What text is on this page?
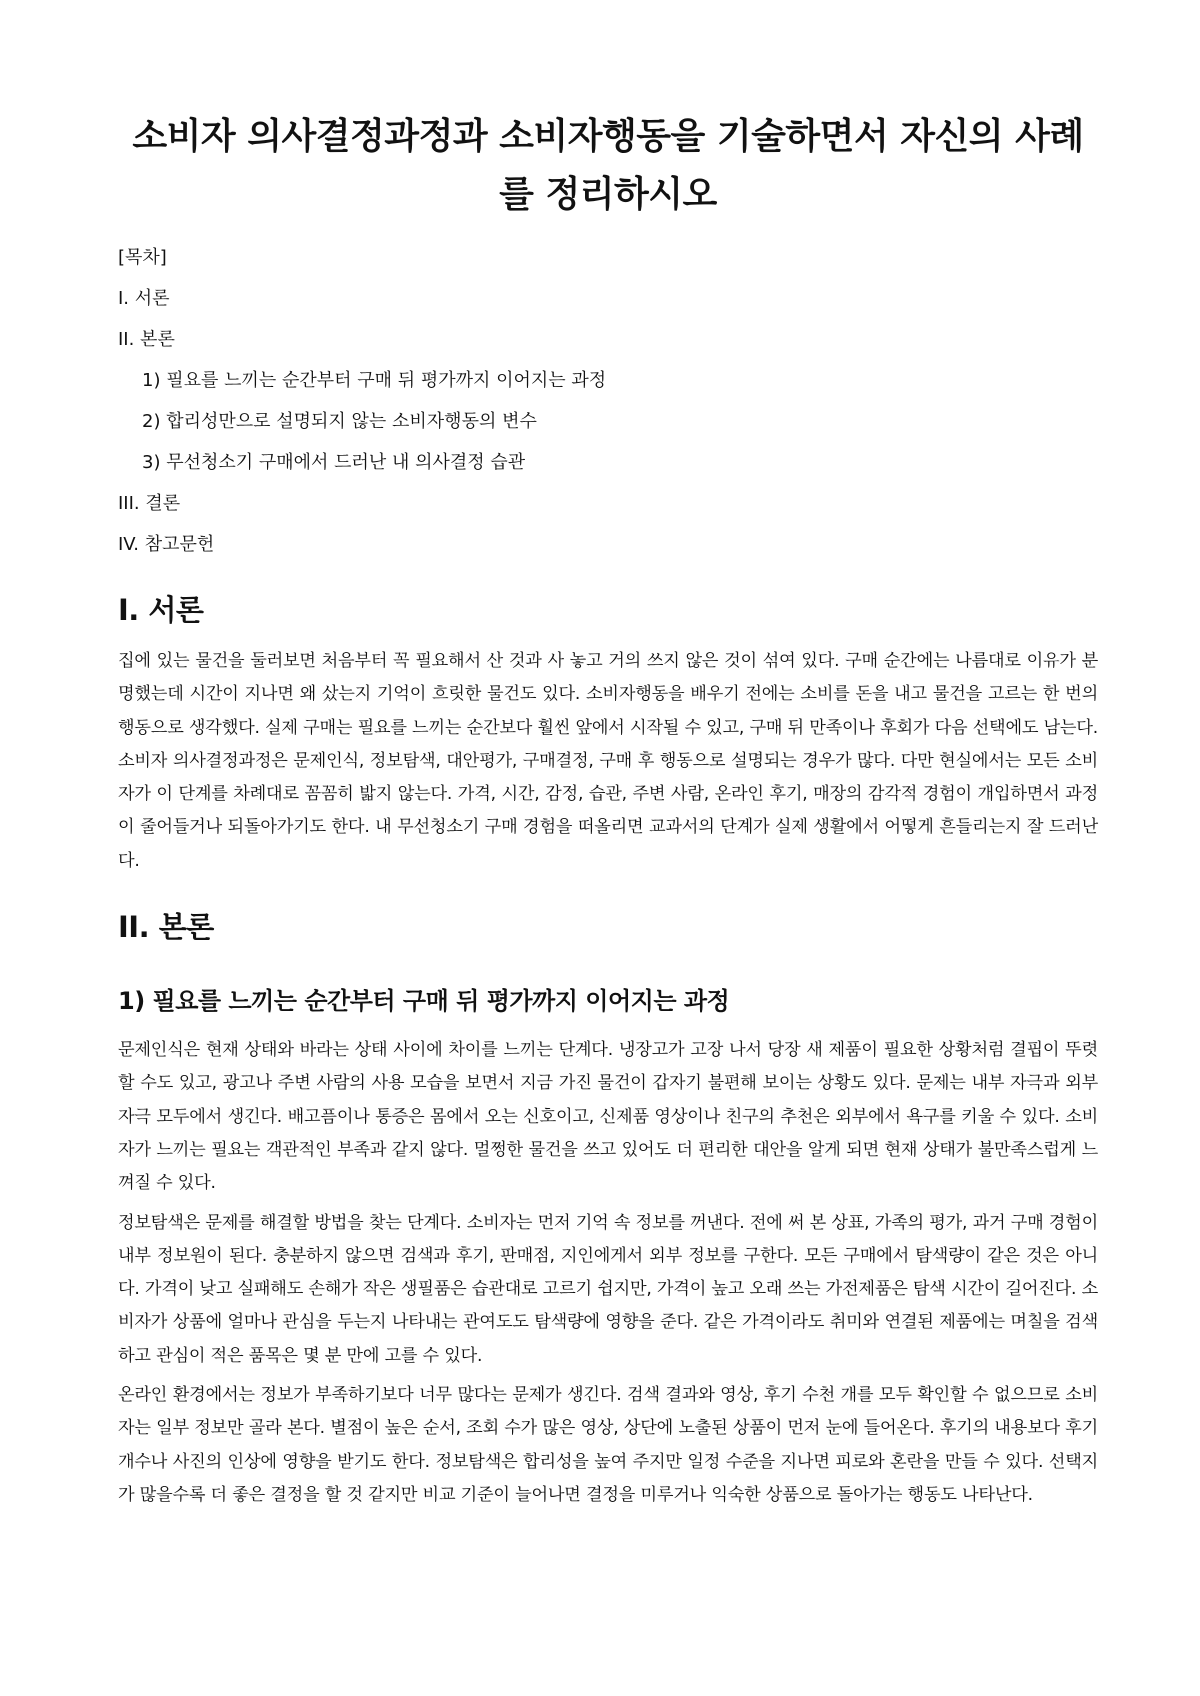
소비자 의사결정과정과 소비자행동을 기술하면서 자신의 사례
를 정리하시오
[목차]
I. 서론
II. 본론
1) 필요를 느끼는 순간부터 구매 뒤 평가까지 이어지는 과정
2) 합리성만으로 설명되지 않는 소비자행동의 변수
3) 무선청소기 구매에서 드러난 내 의사결정 습관
III. 결론
IV. 참고문헌
I. 서론

집에 있는 물건을 둘러보면 처음부터 꼭 필요해서 산 것과 사 놓고 거의 쓰지 않은 것이 섞여 있다. 구매 순간에는 나름대로 이유가 분명했는데 시간이 지나면 왜 샀는지 기억이 흐릿한 물건도 있다. 소비자행동을 배우기 전에는 소비를 돈을 내고 물건을 고르는 한 번의 행동으로 생각했다. 실제 구매는 필요를 느끼는 순간보다 훨씬 앞에서 시작될 수 있고, 구매 뒤 만족이나 후회가 다음 선택에도 남는다. 소비자 의사결정과정은 문제인식, 정보탐색, 대안평가, 구매결정, 구매 후 행동으로 설명되는 경우가 많다. 다만 현실에서는 모든 소비자가 이 단계를 차례대로 꼼꼼히 밟지 않는다. 가격, 시간, 감정, 습관, 주변 사람, 온라인 후기, 매장의 감각적 경험이 개입하면서 과정이 줄어들거나 되돌아가기도 한다. 내 무선청소기 구매 경험을 떠올리면 교과서의 단계가 실제 생활에서 어떻게 흔들리는지 잘 드러난다.

II. 본론
1) 필요를 느끼는 순간부터 구매 뒤 평가까지 이어지는 과정

문제인식은 현재 상태와 바라는 상태 사이에 차이를 느끼는 단계다. 냉장고가 고장 나서 당장 새 제품이 필요한 상황처럼 결핍이 뚜렷할 수도 있고, 광고나 주변 사람의 사용 모습을 보면서 지금 가진 물건이 갑자기 불편해 보이는 상황도 있다. 문제는 내부 자극과 외부 자극 모두에서 생긴다. 배고픔이나 통증은 몸에서 오는 신호이고, 신제품 영상이나 친구의 추천은 외부에서 욕구를 키울 수 있다. 소비자가 느끼는 필요는 객관적인 부족과 같지 않다. 멀쩡한 물건을 쓰고 있어도 더 편리한 대안을 알게 되면 현재 상태가 불만족스럽게 느껴질 수 있다.

정보탐색은 문제를 해결할 방법을 찾는 단계다. 소비자는 먼저 기억 속 정보를 꺼낸다. 전에 써 본 상표, 가족의 평가, 과거 구매 경험이 내부 정보원이 된다. 충분하지 않으면 검색과 후기, 판매점, 지인에게서 외부 정보를 구한다. 모든 구매에서 탐색량이 같은 것은 아니다. 가격이 낮고 실패해도 손해가 작은 생필품은 습관대로 고르기 쉽지만, 가격이 높고 오래 쓰는 가전제품은 탐색 시간이 길어진다. 소비자가 상품에 얼마나 관심을 두는지 나타내는 관여도도 탐색량에 영향을 준다. 같은 가격이라도 취미와 연결된 제품에는 며칠을 검색하고 관심이 적은 품목은 몇 분 만에 고를 수 있다.

온라인 환경에서는 정보가 부족하기보다 너무 많다는 문제가 생긴다. 검색 결과와 영상, 후기 수천 개를 모두 확인할 수 없으므로 소비자는 일부 정보만 골라 본다. 별점이 높은 순서, 조회 수가 많은 영상, 상단에 노출된 상품이 먼저 눈에 들어온다. 후기의 내용보다 후기 개수나 사진의 인상에 영향을 받기도 한다. 정보탐색은 합리성을 높여 주지만 일정 수준을 지나면 피로와 혼란을 만들 수 있다. 선택지가 많을수록 더 좋은 결정을 할 것 같지만 비교 기준이 늘어나면 결정을 미루거나 익숙한 상품으로 돌아가는 행동도 나타난다.
